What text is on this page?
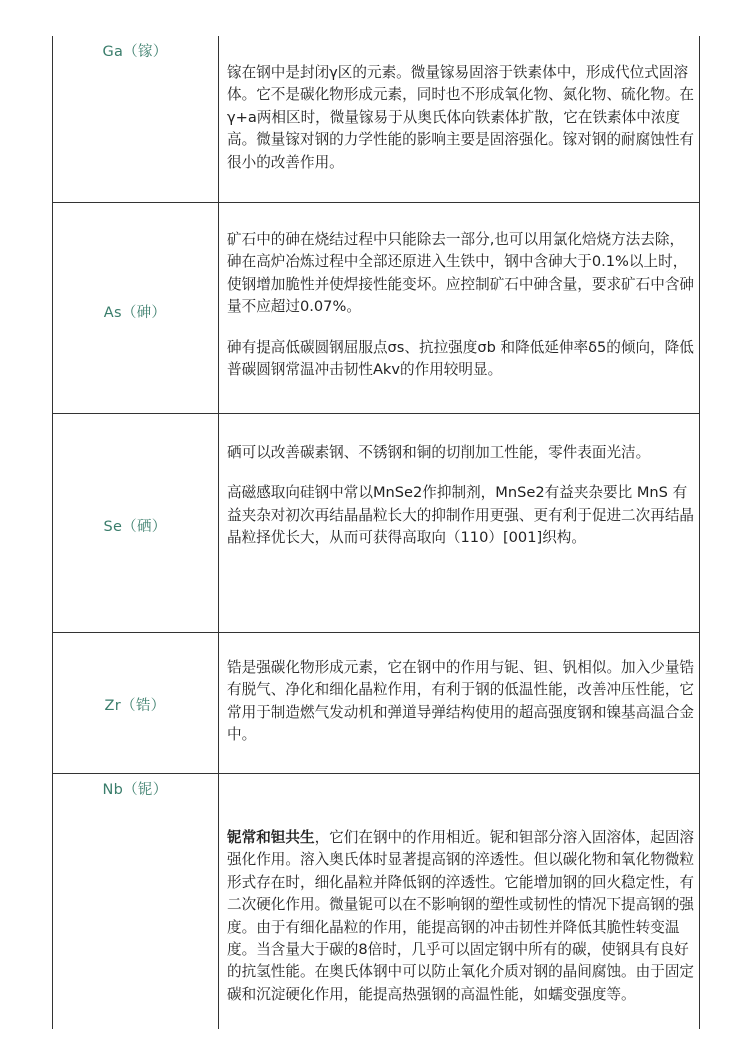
Ga（镓）

镓在钢中是封闭γ区的元素。微量镓易固溶于铁素体中，形成代位式固溶体。它不是碳化物形成元素，同时也不形成氧化物、氮化物、硫化物。在γ+a两相区时，微量镓易于从奥氏体向铁素体扩散，它在铁素体中浓度高。微量镓对钢的力学性能的影响主要是固溶强化。镓对钢的耐腐蚀性有很小的改善作用。

As（砷）

矿石中的砷在烧结过程中只能除去一部分,也可以用氯化焙烧方法去除，砷在高炉冶炼过程中全部还原进入生铁中，钢中含砷大于0.1%以上时，使钢增加脆性并使焊接性能变坏。应控制矿石中砷含量，要求矿石中含砷量不应超过0.07%。

砷有提高低碳圆钢屈服点σs、抗拉强度σb 和降低延伸率δ5的倾向，降低普碳圆钢常温冲击韧性Akv的作用较明显。

Se（硒）

硒可以改善碳素钢、不锈钢和铜的切削加工性能，零件表面光洁。

高磁感取向硅钢中常以MnSe2作抑制剂，MnSe2有益夹杂要比 MnS 有益夹杂对初次再结晶晶粒长大的抑制作用更强、更有利于促进二次再结晶晶粒择优长大，从而可获得高取向（110）[001]织构。

Zr（锆）

锆是强碳化物形成元素，它在钢中的作用与铌、钽、钒相似。加入少量锆有脱气、净化和细化晶粒作用，有利于钢的低温性能，改善冲压性能，它常用于制造燃气发动机和弹道导弹结构使用的超高强度钢和镍基高温合金中。

Nb（铌）

铌常和钽共生，它们在钢中的作用相近。铌和钽部分溶入固溶体，起固溶强化作用。溶入奥氏体时显著提高钢的淬透性。但以碳化物和氧化物微粒形式存在时，细化晶粒并降低钢的淬透性。它能增加钢的回火稳定性，有二次硬化作用。微量铌可以在不影响钢的塑性或韧性的情况下提高钢的强度。由于有细化晶粒的作用，能提高钢的冲击韧性并降低其脆性转变温度。当含量大于碳的8倍时，几乎可以固定钢中所有的碳，使钢具有良好的抗氢性能。在奥氏体钢中可以防止氧化介质对钢的晶间腐蚀。由于固定碳和沉淀硬化作用，能提高热强钢的高温性能，如蠕变强度等。
